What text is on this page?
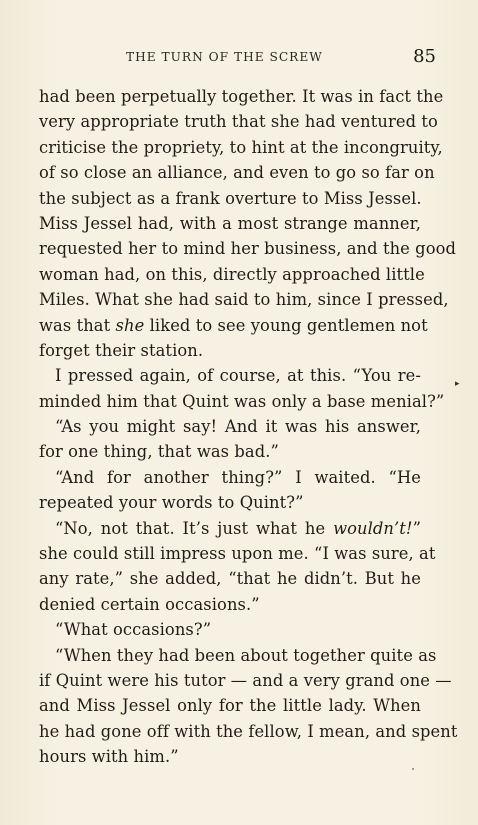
THE TURN OF THE SCREW	85
had been perpetually together. It was in fact the
very appropriate truth that she had ventured to
criticise the propriety, to hint at the incongruity,
of so close an alliance, and even to go so far on
the subject as a frank overture to Miss Jessel.
Miss Jessel had, with a most strange manner,
requested her to mind her business, and the good
woman had, on this, directly approached little
Miles. What she had said to him, since I pressed,
was that she liked to see young gentlemen not
forget their station.
I pressed again, of course, at this. “You re-
minded him that Quint was only a base menial?”
“As you might say! And it was his answer,
for one thing, that was bad.”
“And for another thing?” I waited. “He
repeated your words to Quint?”
“No, not that. It’s just what he wouldn’t!”
she could still impress upon me. “I was sure, at
any rate,” she added, “that he didn’t. But he
denied certain occasions.”
“What occasions?”
“When they had been about together quite as
if Quint were his tutor — and a very grand one —
and Miss Jessel only for the little lady. When
he had gone off with the fellow, I mean, and spent
hours with him.”
▸
